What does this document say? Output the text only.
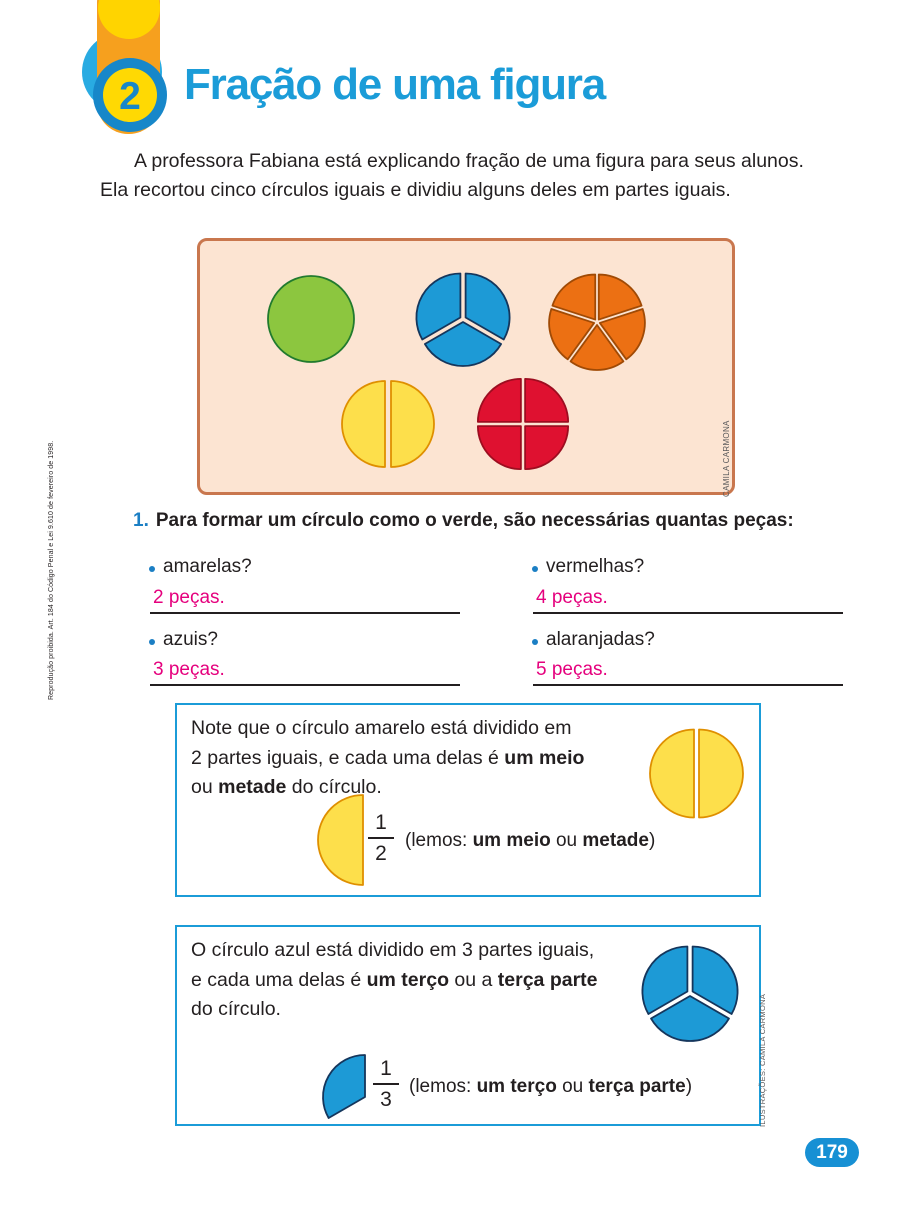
2 Fração de uma figura
A professora Fabiana está explicando fração de uma figura para seus alunos.
Ela recortou cinco círculos iguais e dividiu alguns deles em partes iguais.
CAMILA CARMONA
1. Para formar um círculo como o verde, são necessárias quantas peças:
amarelas?
2 peças.
vermelhas?
4 peças.
azuis?
3 peças.
alaranjadas?
5 peças.
Note que o círculo amarelo está dividido em
2 partes iguais, e cada uma delas é um meio
ou metade do círculo.
1
2
(lemos: um meio ou metade)
O círculo azul está dividido em 3 partes iguais,
e cada uma delas é um terço ou a terça parte
do círculo.
1
3
(lemos: um terço ou terça parte)
Reprodução proibida. Art. 184 do Código Penal e Lei 9.610 de fevereiro de 1998.
ILUSTRAÇÕES: CAMILA CARMONA
179
